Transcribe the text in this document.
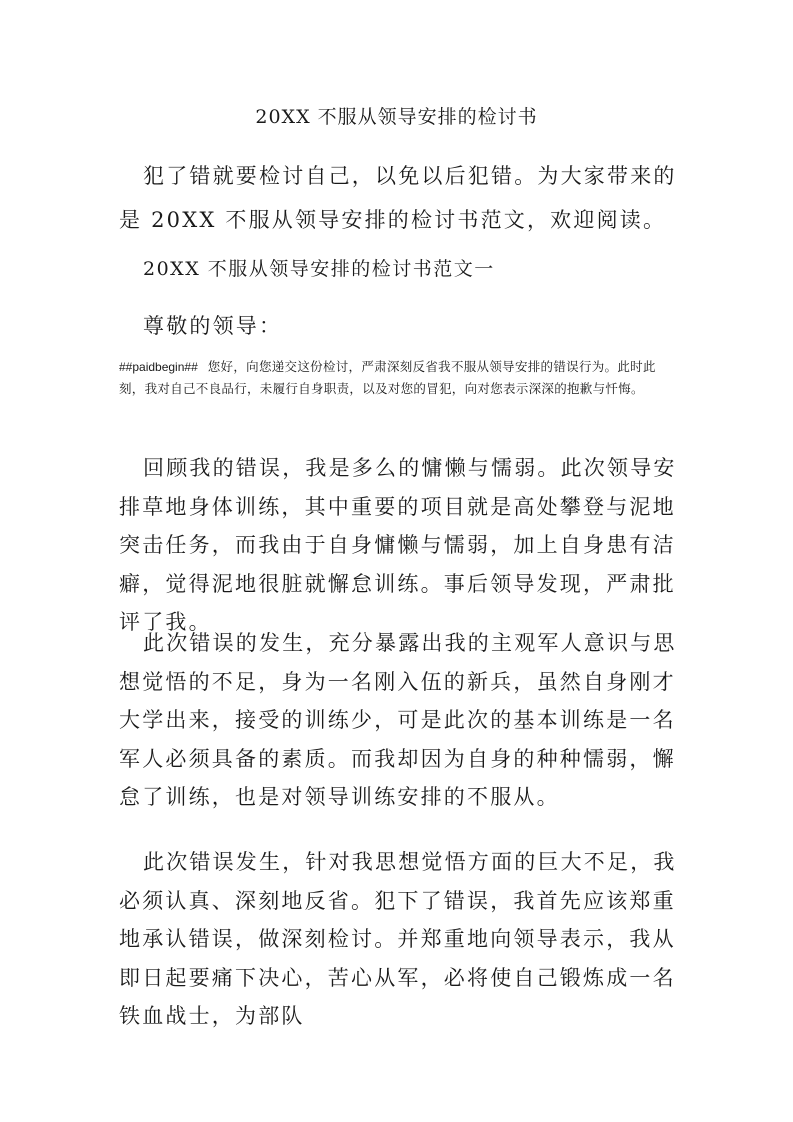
20XX 不服从领导安排的检讨书

犯了错就要检讨自己，以免以后犯错。为大家带来的是 20XX 不服从领导安排的检讨书范文，欢迎阅读。

20XX 不服从领导安排的检讨书范文一

尊敬的领导：

##paidbegin## 您好，向您递交这份检讨，严肃深刻反省我不服从领导安排的错误行为。此时此刻，我对自己不良品行，未履行自身职责，以及对您的冒犯，向对您表示深深的抱歉与忏悔。

回顾我的错误，我是多么的慵懒与懦弱。此次领导安排草地身体训练，其中重要的项目就是高处攀登与泥地突击任务，而我由于自身慵懒与懦弱，加上自身患有洁癖，觉得泥地很脏就懈怠训练。事后领导发现，严肃批评了我。

此次错误的发生，充分暴露出我的主观军人意识与思想觉悟的不足，身为一名刚入伍的新兵，虽然自身刚才大学出来，接受的训练少，可是此次的基本训练是一名军人必须具备的素质。而我却因为自身的种种懦弱，懈怠了训练，也是对领导训练安排的不服从。

此次错误发生，针对我思想觉悟方面的巨大不足，我必须认真、深刻地反省。犯下了错误，我首先应该郑重地承认错误，做深刻检讨。并郑重地向领导表示，我从即日起要痛下决心，苦心从军，必将使自己锻炼成一名铁血战士，为部队
